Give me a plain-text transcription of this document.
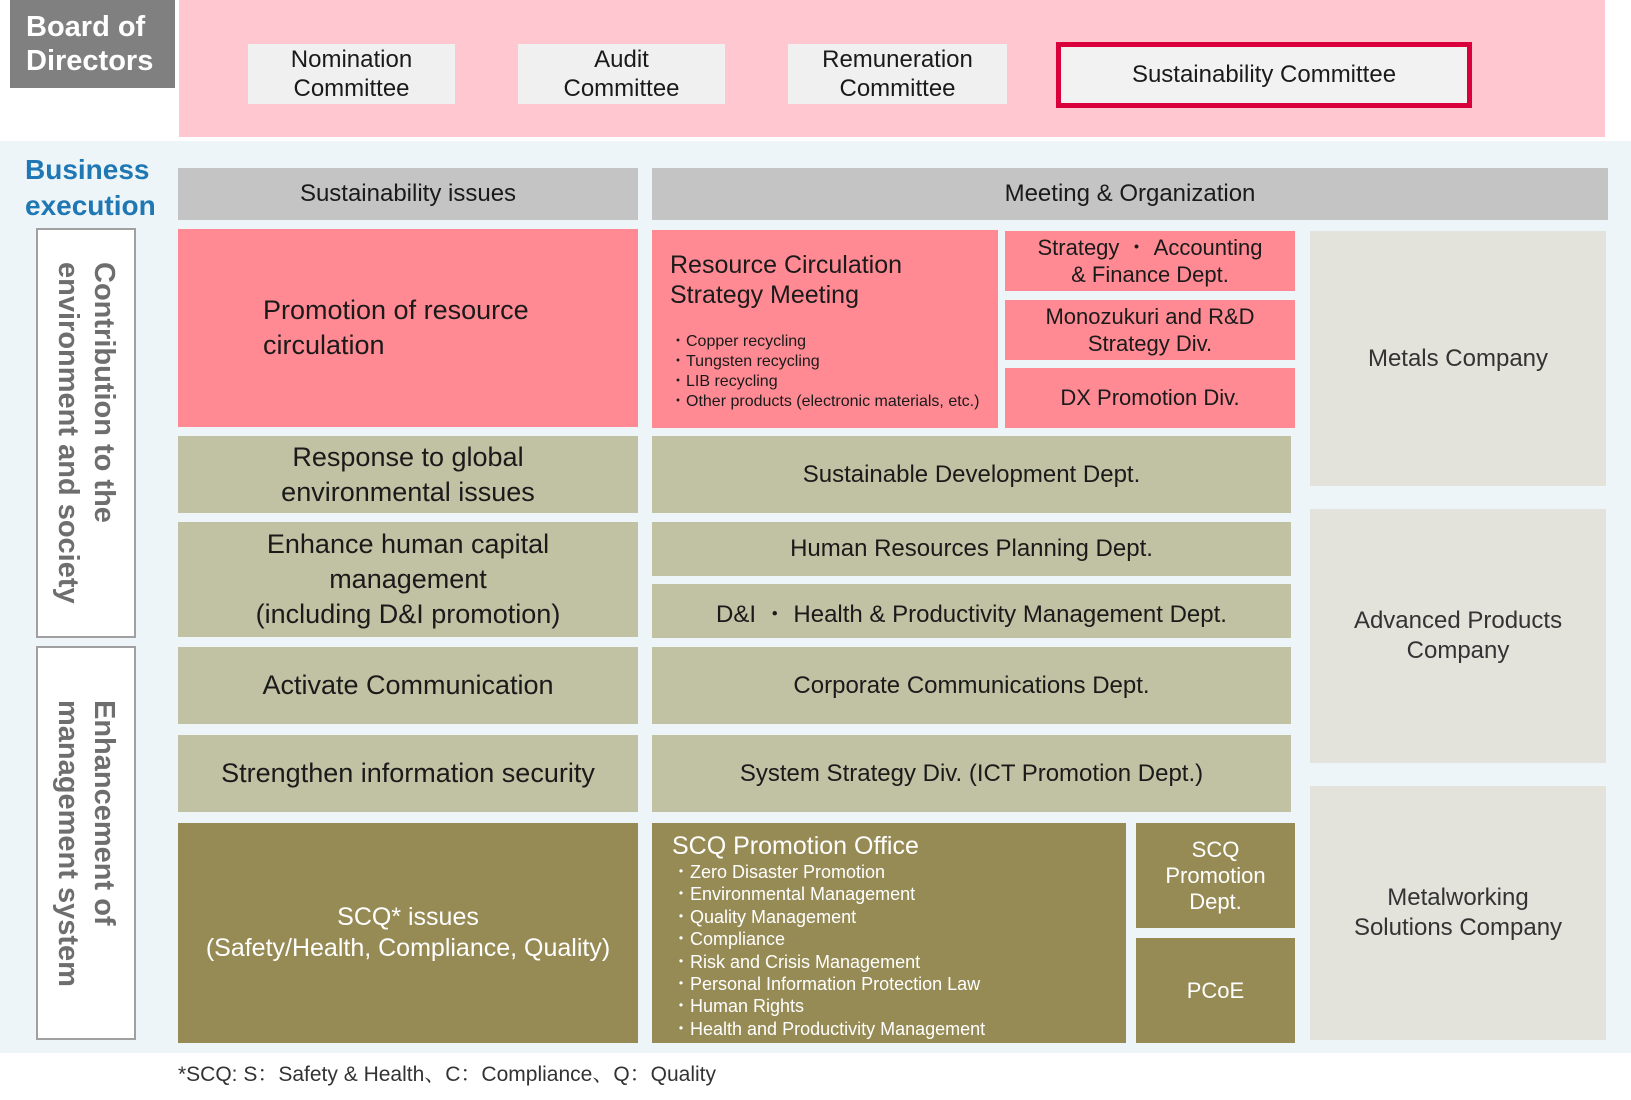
Board of
Directors	Nomination
Committee
Audit
Committee
Remuneration
Committee
Sustainability Committee
Business
execution
Contribution to the
environment and society
Enhancement of
management system
Sustainability issues	Meeting & Organization
Promotion of resource
circulation
Response to global
environmental issues
Enhance human capital
management
(including D&I promotion)
Activate Communication
Strengthen information security
SCQ* issues
(Safety/Health, Compliance, Quality)
Resource Circulation
Strategy Meeting
・Copper recycling
・Tungsten recycling
・LIB recycling
・Other products (electronic materials, etc.)
Strategy ・ Accounting
& Finance Dept.
Monozukuri and R&D
Strategy Div.
DX Promotion Div.
Sustainable Development Dept.
Human Resources Planning Dept.
D&I ・ Health & Productivity Management Dept.
Corporate Communications Dept.
System Strategy Div. (ICT Promotion Dept.)
SCQ Promotion Office
・Zero Disaster Promotion
・Environmental Management
・Quality Management
・Compliance
・Risk and Crisis Management
・Personal Information Protection Law
・Human Rights
・Health and Productivity Management
SCQ
Promotion
Dept.
PCoE
Metals Company
Advanced Products
Company
Metalworking
Solutions Company
*SCQ: S：Safety & Health、C：Compliance、Q：Quality
